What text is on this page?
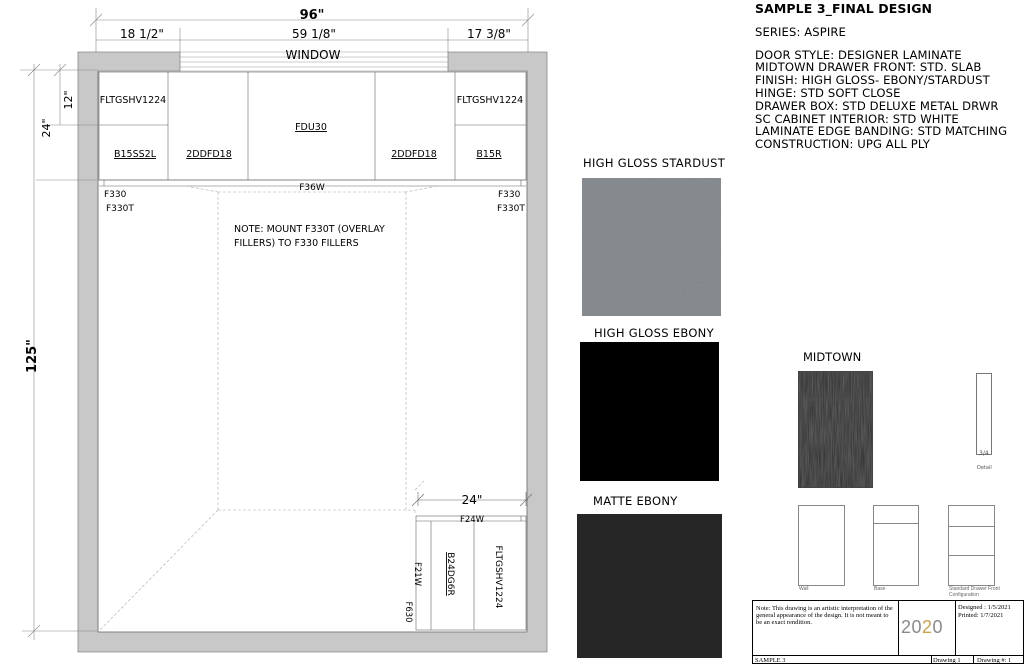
WINDOW
96"
18 1/2"	59 1/8"	17 3/8"
24"
12"
125"
FLTGSHV1224	FLTGSHV1224
FDU30
B15SS2L	2DDFD18	2DDFD18	B15R
F36W
F330
F330T
F330
F330T
NOTE: MOUNT F330T (OVERLAY
FILLERS) TO F330 FILLERS
24"
F24W
F21W
F630
B24DG6R	FLTGSHV1224
HIGH GLOSS STARDUST
HIGH GLOSS EBONY
MATTE EBONY
SAMPLE 3_FINAL DESIGN
SERIES: ASPIRE
DOOR STYLE: DESIGNER LAMINATE
MIDTOWN DRAWER FRONT: STD. SLAB
FINISH: HIGH GLOSS- EBONY/STARDUST
HINGE: STD SOFT CLOSE
DRAWER BOX: STD DELUXE METAL DRWR
SC CABINET INTERIOR: STD WHITE
LAMINATE EDGE BANDING: STD MATCHING
CONSTRUCTION: UPG ALL PLY
MIDTOWN
3/4
Detail
Wall	Base	Standard Drawer Front Configuration
Note: This drawing is an artistic interpretation of the general appearance of the design. It is not meant to be an exact rendition.	2020
Designed : 1/5/2021
Printed: 1/7/2021
SAMPLE 3	Drawing 1	Drawing #: 1
